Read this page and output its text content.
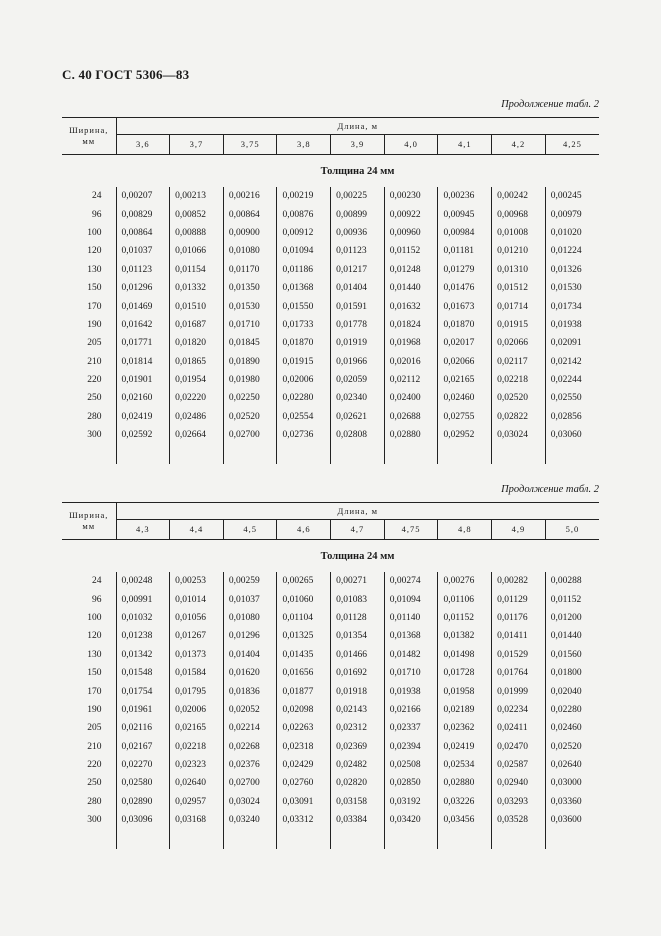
С. 40 ГОСТ 5306—83
Продолжение табл. 2
Ширина,
мм	Длина, м								
	3,6	3,7	3,75	3,8	3,9	4,0	4,1	4,2	4,25
	Толщина 24 мм								
24	0,00207	0,00213	0,00216	0,00219	0,00225	0,00230	0,00236	0,00242	0,00245
96	0,00829	0,00852	0,00864	0,00876	0,00899	0,00922	0,00945	0,00968	0,00979
100	0,00864	0,00888	0,00900	0,00912	0,00936	0,00960	0,00984	0,01008	0,01020
120	0,01037	0,01066	0,01080	0,01094	0,01123	0,01152	0,01181	0,01210	0,01224
130	0,01123	0,01154	0,01170	0,01186	0,01217	0,01248	0,01279	0,01310	0,01326
150	0,01296	0,01332	0,01350	0,01368	0,01404	0,01440	0,01476	0,01512	0,01530
170	0,01469	0,01510	0,01530	0,01550	0,01591	0,01632	0,01673	0,01714	0,01734
190	0,01642	0,01687	0,01710	0,01733	0,01778	0,01824	0,01870	0,01915	0,01938
205	0,01771	0,01820	0,01845	0,01870	0,01919	0,01968	0,02017	0,02066	0,02091
210	0,01814	0,01865	0,01890	0,01915	0,01966	0,02016	0,02066	0,02117	0,02142
220	0,01901	0,01954	0,01980	0,02006	0,02059	0,02112	0,02165	0,02218	0,02244
250	0,02160	0,02220	0,02250	0,02280	0,02340	0,02400	0,02460	0,02520	0,02550
280	0,02419	0,02486	0,02520	0,02554	0,02621	0,02688	0,02755	0,02822	0,02856
300	0,02592	0,02664	0,02700	0,02736	0,02808	0,02880	0,02952	0,03024	0,03060

Продолжение табл. 2
Ширина,
мм	Длина, м								
	4,3	4,4	4,5	4,6	4,7	4,75	4,8	4,9	5,0
	Толщина 24 мм								
24	0,00248	0,00253	0,00259	0,00265	0,00271	0,00274	0,00276	0,00282	0,00288
96	0,00991	0,01014	0,01037	0,01060	0,01083	0,01094	0,01106	0,01129	0,01152
100	0,01032	0,01056	0,01080	0,01104	0,01128	0,01140	0,01152	0,01176	0,01200
120	0,01238	0,01267	0,01296	0,01325	0,01354	0,01368	0,01382	0,01411	0,01440
130	0,01342	0,01373	0,01404	0,01435	0,01466	0,01482	0,01498	0,01529	0,01560
150	0,01548	0,01584	0,01620	0,01656	0,01692	0,01710	0,01728	0,01764	0,01800
170	0,01754	0,01795	0,01836	0,01877	0,01918	0,01938	0,01958	0,01999	0,02040
190	0,01961	0,02006	0,02052	0,02098	0,02143	0,02166	0,02189	0,02234	0,02280
205	0,02116	0,02165	0,02214	0,02263	0,02312	0,02337	0,02362	0,02411	0,02460
210	0,02167	0,02218	0,02268	0,02318	0,02369	0,02394	0,02419	0,02470	0,02520
220	0,02270	0,02323	0,02376	0,02429	0,02482	0,02508	0,02534	0,02587	0,02640
250	0,02580	0,02640	0,02700	0,02760	0,02820	0,02850	0,02880	0,02940	0,03000
280	0,02890	0,02957	0,03024	0,03091	0,03158	0,03192	0,03226	0,03293	0,03360
300	0,03096	0,03168	0,03240	0,03312	0,03384	0,03420	0,03456	0,03528	0,03600
